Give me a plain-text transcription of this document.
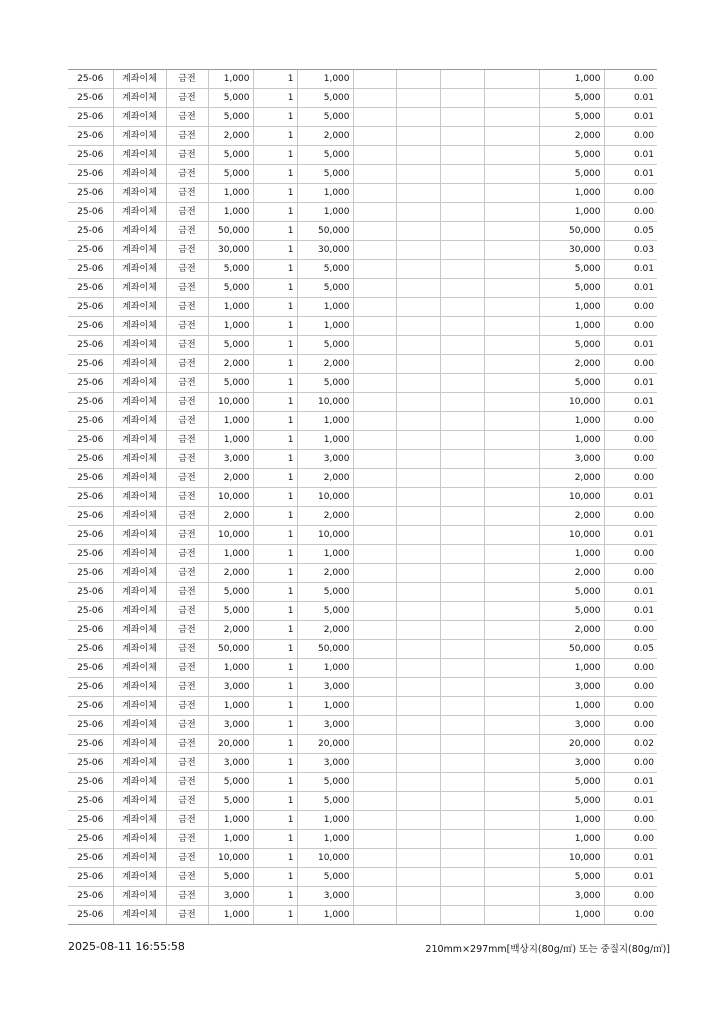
25-06	계좌이체	금전	1,000	1	1,000					1,000	0.00
25-06	계좌이체	금전	5,000	1	5,000					5,000	0.01
25-06	계좌이체	금전	5,000	1	5,000					5,000	0.01
25-06	계좌이체	금전	2,000	1	2,000					2,000	0.00
25-06	계좌이체	금전	5,000	1	5,000					5,000	0.01
25-06	계좌이체	금전	5,000	1	5,000					5,000	0.01
25-06	계좌이체	금전	1,000	1	1,000					1,000	0.00
25-06	계좌이체	금전	1,000	1	1,000					1,000	0.00
25-06	계좌이체	금전	50,000	1	50,000					50,000	0.05
25-06	계좌이체	금전	30,000	1	30,000					30,000	0.03
25-06	계좌이체	금전	5,000	1	5,000					5,000	0.01
25-06	계좌이체	금전	5,000	1	5,000					5,000	0.01
25-06	계좌이체	금전	1,000	1	1,000					1,000	0.00
25-06	계좌이체	금전	1,000	1	1,000					1,000	0.00
25-06	계좌이체	금전	5,000	1	5,000					5,000	0.01
25-06	계좌이체	금전	2,000	1	2,000					2,000	0.00
25-06	계좌이체	금전	5,000	1	5,000					5,000	0.01
25-06	계좌이체	금전	10,000	1	10,000					10,000	0.01
25-06	계좌이체	금전	1,000	1	1,000					1,000	0.00
25-06	계좌이체	금전	1,000	1	1,000					1,000	0.00
25-06	계좌이체	금전	3,000	1	3,000					3,000	0.00
25-06	계좌이체	금전	2,000	1	2,000					2,000	0.00
25-06	계좌이체	금전	10,000	1	10,000					10,000	0.01
25-06	계좌이체	금전	2,000	1	2,000					2,000	0.00
25-06	계좌이체	금전	10,000	1	10,000					10,000	0.01
25-06	계좌이체	금전	1,000	1	1,000					1,000	0.00
25-06	계좌이체	금전	2,000	1	2,000					2,000	0.00
25-06	계좌이체	금전	5,000	1	5,000					5,000	0.01
25-06	계좌이체	금전	5,000	1	5,000					5,000	0.01
25-06	계좌이체	금전	2,000	1	2,000					2,000	0.00
25-06	계좌이체	금전	50,000	1	50,000					50,000	0.05
25-06	계좌이체	금전	1,000	1	1,000					1,000	0.00
25-06	계좌이체	금전	3,000	1	3,000					3,000	0.00
25-06	계좌이체	금전	1,000	1	1,000					1,000	0.00
25-06	계좌이체	금전	3,000	1	3,000					3,000	0.00
25-06	계좌이체	금전	20,000	1	20,000					20,000	0.02
25-06	계좌이체	금전	3,000	1	3,000					3,000	0.00
25-06	계좌이체	금전	5,000	1	5,000					5,000	0.01
25-06	계좌이체	금전	5,000	1	5,000					5,000	0.01
25-06	계좌이체	금전	1,000	1	1,000					1,000	0.00
25-06	계좌이체	금전	1,000	1	1,000					1,000	0.00
25-06	계좌이체	금전	10,000	1	10,000					10,000	0.01
25-06	계좌이체	금전	5,000	1	5,000					5,000	0.01
25-06	계좌이체	금전	3,000	1	3,000					3,000	0.00
25-06	계좌이체	금전	1,000	1	1,000					1,000	0.00
2025-08-11 16:55:58	210mm×297mm[백상지(80g/㎡) 또는 중질지(80g/㎡)]
